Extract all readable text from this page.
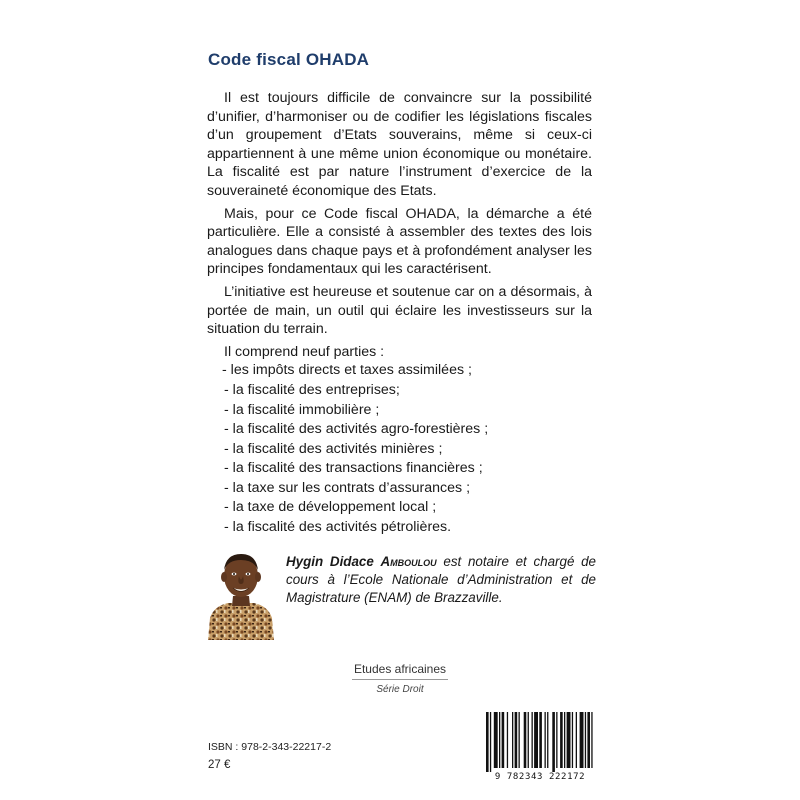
Code fiscal OHADA

Il est toujours difficile de convaincre sur la possibilité d’unifier, d’harmoniser ou de codifier les législations fiscales d’un groupement d’Etats souverains, même si ceux-ci appartiennent à une même union économique ou monétaire. La fiscalité est par nature l’instrument d’exercice de la souveraineté économique des Etats.

Mais, pour ce Code fiscal OHADA, la démarche a été particulière. Elle a consisté à assembler des textes des lois analogues dans chaque pays et à profondément analyser les principes fondamentaux qui les caractérisent.

L’initiative est heureuse et soutenue car on a désormais, à portée de main, un outil qui éclaire les investisseurs sur la situation du terrain.

Il comprend neuf parties :

- les impôts directs et taxes assimilées ;
- la fiscalité des entreprises;
- la fiscalité immobilière ;
- la fiscalité des activités agro-forestières ;
- la fiscalité des activités minières ;
- la fiscalité des transactions financières ;
- la taxe sur les contrats d’assurances ;
- la taxe de développement local ;
- la fiscalité des activités pétrolières.
Hygin Didace Amboulou est notaire et chargé de cours à l’Ecole Nationale d’Administration et de Magistrature (ENAM) de Brazzaville.
Etudes africaines
Série Droit
ISBN : 978-2-343-22217-2
27 €
9 782343 222172
